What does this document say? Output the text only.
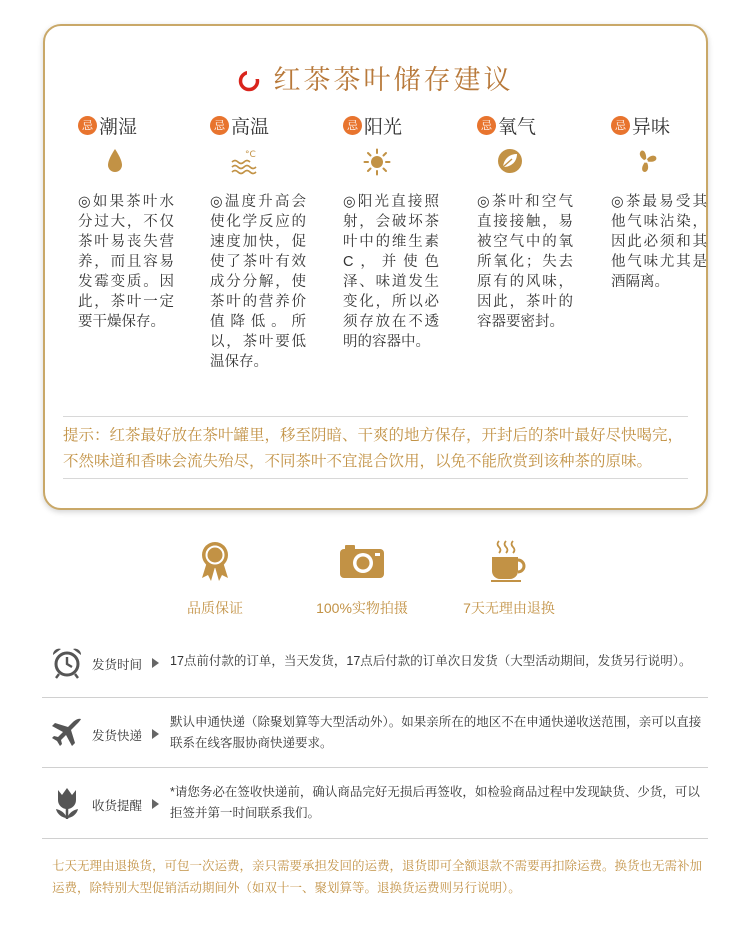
红茶茶叶储存建议
忌 潮湿
◎如果茶叶水分过大，不仅茶叶易丧失营养，而且容易发霉变质。因此，茶叶一定要干燥保存。
忌 高温
°C
◎温度升高会使化学反应的速度加快，促使了茶叶有效成分分解，使茶叶的营养价值降低。所以，茶叶要低温保存。
忌 阳光
◎阳光直接照射，会破坏茶叶中的维生素C，并使色泽、味道发生变化，所以必须存放在不透明的容器中。
忌 氧气
◎茶叶和空气直接接触，易被空气中的氧所氧化；失去原有的风味，因此，茶叶的容器要密封。
忌 异味
◎茶最易受其他气味沾染，因此必须和其他气味尤其是酒隔离。
提示：红茶最好放在茶叶罐里，移至阴暗、干爽的地方保存，开封后的茶叶最好尽快喝完，不然味道和香味会流失殆尽，不同茶叶不宜混合饮用，以免不能欣赏到该种茶的原味。
品质保证	100%实物拍摄	7天无理由退换
发货时间 17点前付款的订单，当天发货，17点后付款的订单次日发货（大型活动期间，发货另行说明）。
发货快递
默认申通快递（除聚划算等大型活动外）。如果亲所在的地区不在申通快递收送范围，亲可以直接联系在线客服协商快递要求。
收货提醒
*请您务必在签收快递前，确认商品完好无损后再签收，如检验商品过程中发现缺货、少货，可以拒签并第一时间联系我们。
七天无理由退换货，可包一次运费，亲只需要承担发回的运费，退货即可全额退款不需要再扣除运费。换货也无需补加运费，除特别大型促销活动期间外（如双十一、聚划算等。退换货运费则另行说明）。
